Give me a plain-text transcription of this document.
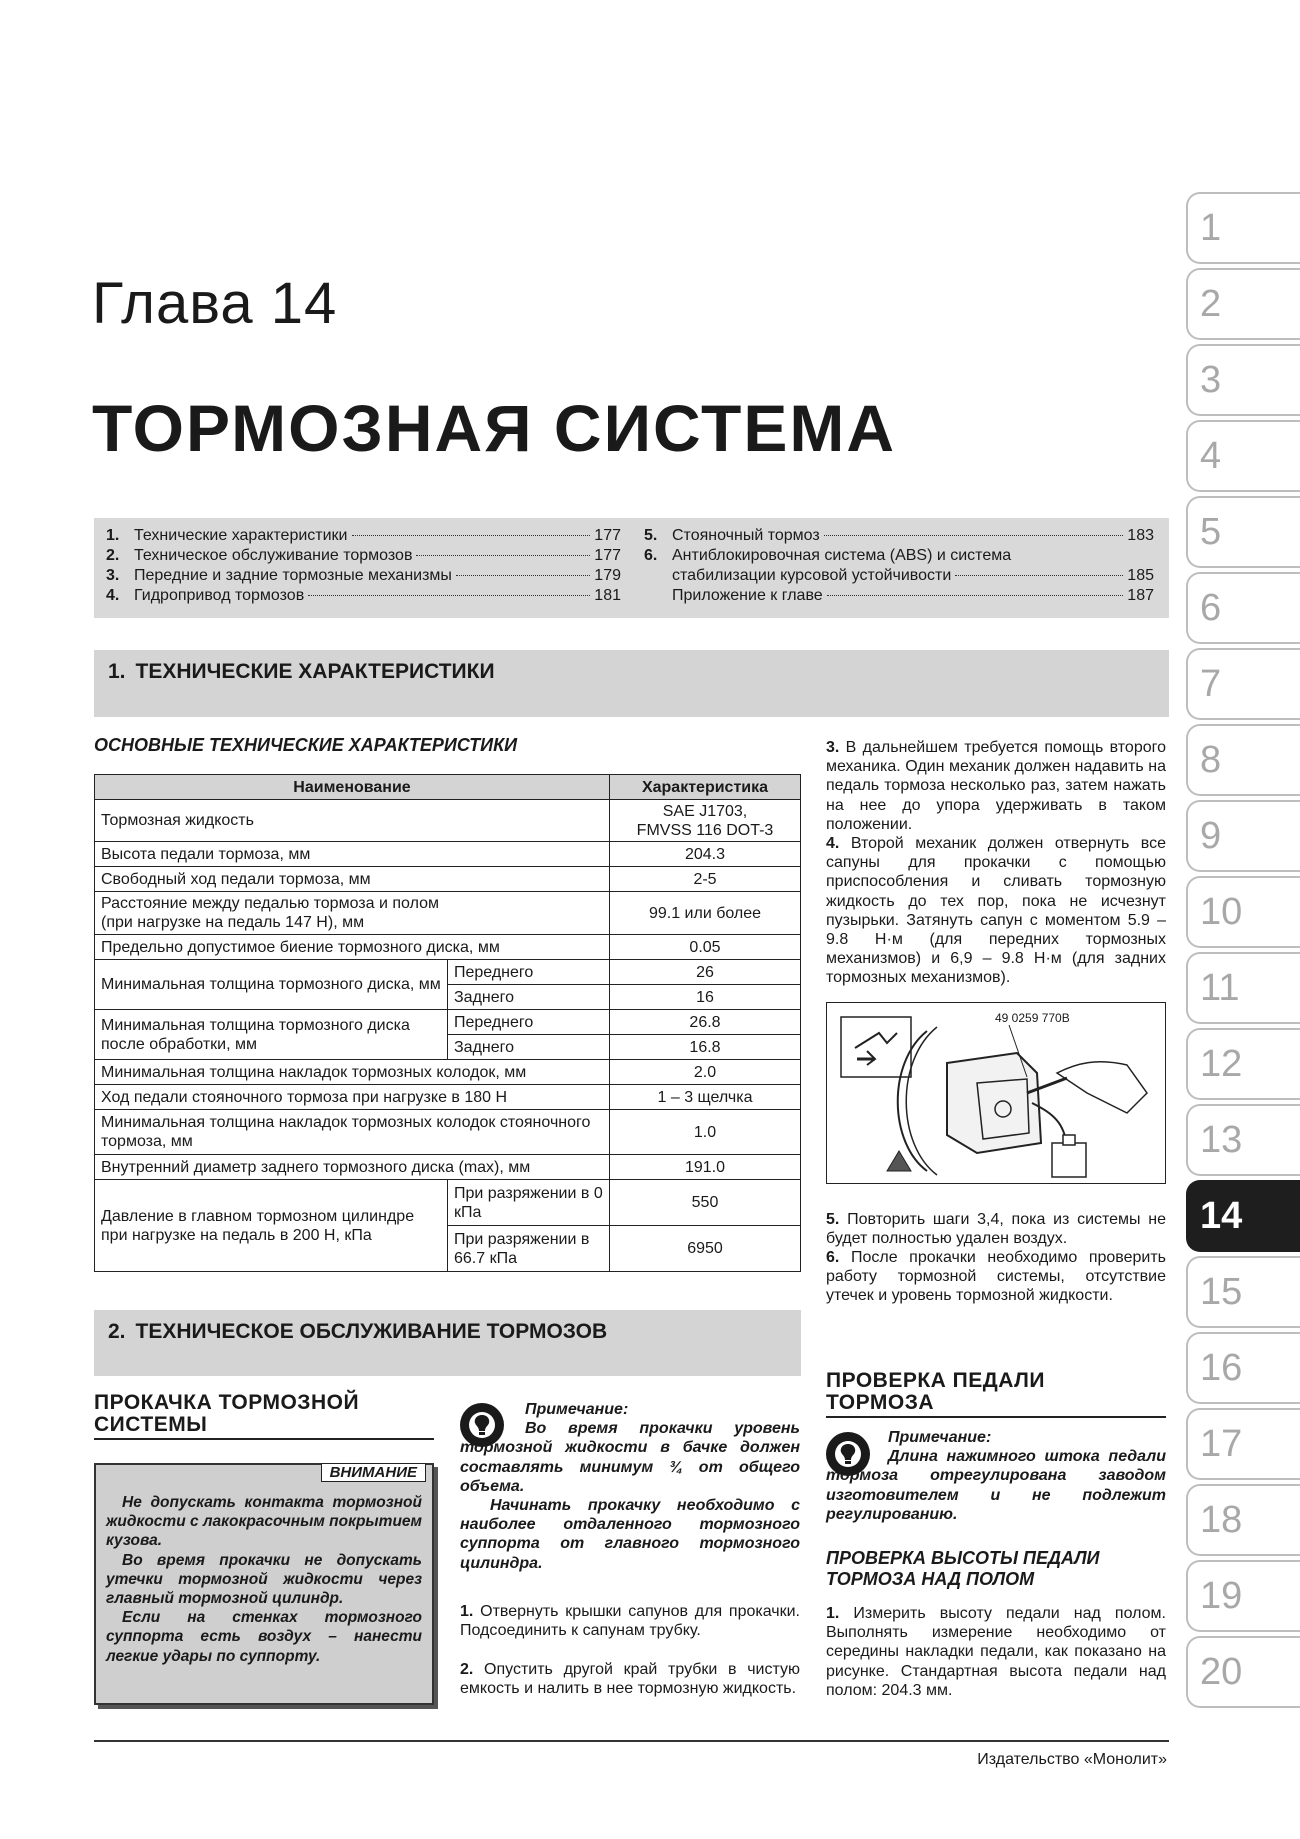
Глава 14
ТОРМОЗНАЯ СИСТЕМА
1. Технические характеристики	177
2. Техническое обслуживание тормозов	177
3. Передние и задние тормозные механизмы	179
4. Гидропривод тормозов	181
5. Стояночный тормоз	183
6. Антиблокировочная система (ABS) и система
стабилизации курсовой устойчивости	185
Приложение к главе	187
1. ТЕХНИЧЕСКИЕ ХАРАКТЕРИСТИКИ
ОСНОВНЫЕ ТЕХНИЧЕСКИЕ ХАРАКТЕРИСТИКИ
Наименование		Характеристика
Тормозная жидкость		SAE J1703,
FMVSS 116 DOT-3

Высота педали тормоза, мм		204.3
Свободный ход педали тормоза, мм		2-5

Расстояние между педалью тормоза и полом
(при нагрузке на педаль 147 Н), мм		99.1 или более
Предельно допустимое биение тормозного диска, мм		0.05
Минимальная толщина тормозного диска, мм	Переднего	26
	Заднего	16
Минимальная толщина тормозного диска после обработки, мм	Переднего	26.8
	Заднего	16.8
Минимальная толщина накладок тормозных колодок, мм		2.0
Ход педали стояночного тормоза при нагрузке в 180 Н		1 – 3 щелчка
Минимальная толщина накладок тормозных колодок стояночного тормоза, мм		1.0
Внутренний диаметр заднего тормозного диска (max), мм		191.0
Давление в главном тормозном цилиндре при нагрузке на педаль в 200 Н, кПа	При разряжении в 0 кПа	550
	При разряжении в 66.7 кПа	6950
3. В дальнейшем требуется помощь второго механика. Один механик должен надавить на педаль тормоза несколько раз, затем нажать на нее до упора удерживать в таком положении.
4. Второй механик должен отвернуть все сапуны для прокачки с помощью приспособления и сливать тормозную жидкость до тех пор, пока не исчезнут пузырьки. Затянуть сапун с моментом 5.9 – 9.8 Н·м (для передних тормозных механизмов) и 6,9 – 9.8 Н·м (для задних тормозных механизмов).
49 0259 770B
5. Повторить шаги 3,4, пока из системы не будет полностью удален воздух.
6. После прокачки необходимо проверить работу тормозной системы, отсутствие утечек и уровень тормозной жидкости.
2. ТЕХНИЧЕСКОЕ ОБСЛУЖИВАНИЕ ТОРМОЗОВ
ПРОКАЧКА ТОРМОЗНОЙ
СИСТЕМЫ
ВНИМАНИЕ
Не допускать контакта тормозной жидкости с лакокрасочным покрытием кузова.
Во время прокачки не допускать утечки тормозной жидкости через главный тормозной цилиндр.
Если на стенках тормозного суппорта есть воздух – нанести легкие удары по суппорту.
Примечание:
Во время прокачки уровень тормозной жидкости в бачке должен составлять минимум ¾ от общего объема.
Начинать прокачку необходимо с наиболее отдаленного тормозного суппорта от главного тормозного цилиндра.
1. Отвернуть крышки сапунов для прокачки. Подсоединить к сапунам трубку.
2. Опустить другой край трубки в чистую емкость и налить в нее тормозную жидкость.
ПРОВЕРКА ПЕДАЛИ
ТОРМОЗА
Примечание:
Длина нажимного штока педали тормоза отрегулирована заводом изготовителем и не подлежит регулированию.
ПРОВЕРКА ВЫСОТЫ ПЕДАЛИ
ТОРМОЗА НАД ПОЛОМ
1. Измерить высоту педали над полом. Выполнять измерение необходимо от середины накладки педали, как показано на рисунке. Стандартная высота педали над полом: 204.3 мм.
1
2
3
4
5
6
7
8
9
10
11
12
13
14
15
16
17
18
19
20
Издательство «Монолит»
